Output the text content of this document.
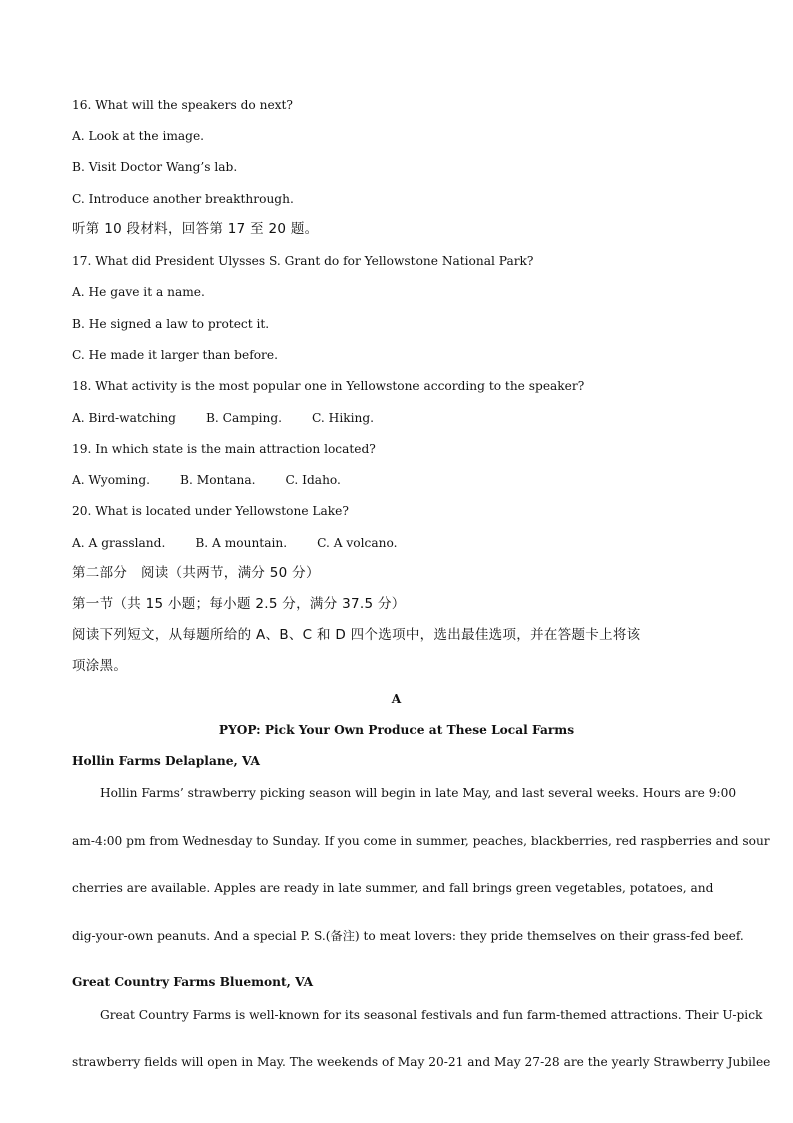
16. What will the speakers do next?
A. Look at the image.
B. Visit Doctor Wang’s lab.
C. Introduce another breakthrough.
听第 10 段材料，回答第 17 至 20 题。
17. What did President Ulysses S. Grant do for Yellowstone National Park?
A. He gave it a name.
B. He signed a law to protect it.
C. He made it larger than before.
18. What activity is the most popular one in Yellowstone according to the speaker?
A. Bird-watching B. Camping. C. Hiking.
19. In which state is the main attraction located?
A. Wyoming. B. Montana. C. Idaho.
20. What is located under Yellowstone Lake?
A. A grassland. B. A mountain. C. A volcano.
第二部分　阅读（共两节，满分 50 分）
第一节（共 15 小题；每小题 2.5 分，满分 37.5 分）
阅读下列短文，从每题所给的 A、B、C 和 D 四个选项中，选出最佳选项，并在答题卡上将该
项涂黑。
A
PYOP: Pick Your Own Produce at These Local Farms
Hollin Farms Delaplane, VA
Hollin Farms’ strawberry picking season will begin in late May, and last several weeks. Hours are 9:00
am-4:00 pm from Wednesday to Sunday. If you come in summer, peaches, blackberries, red raspberries and sour
cherries are available. Apples are ready in late summer, and fall brings green vegetables, potatoes, and
dig-your-own peanuts. And a special P. S.(备注) to meat lovers: they pride themselves on their grass-fed beef.
Great Country Farms Bluemont, VA
Great Country Farms is well-known for its seasonal festivals and fun farm-themed attractions. Their U-pick
strawberry fields will open in May. The weekends of May 20-21 and May 27-28 are the yearly Strawberry Jubilee
